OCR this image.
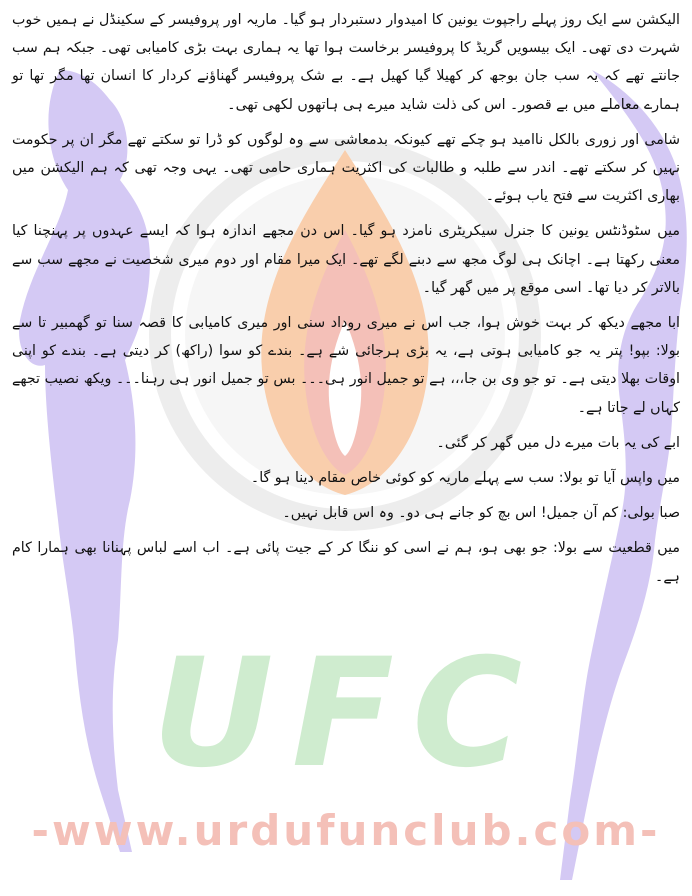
UFC
-www.urdufunclub.com-

الیکشن سے ایک روز پہلے راجپوت یونین کا امیدوار دستبردار ہو گیا۔ ماریہ اور پروفیسر کے سکینڈل نے ہمیں خوب شہرت دی تھی۔ ایک بیسویں گریڈ کا پروفیسر برخاست ہوا تھا یہ ہماری بہت بڑی کامیابی تھی۔ جبکہ ہم سب جانتے تھے کہ یہ سب جان بوجھ کر کھیلا گیا کھیل ہے۔ بے شک پروفیسر گھناؤنے کردار کا انسان تھا مگر تھا تو ہمارے معاملے میں بے قصور۔ اس کی ذلت شاید میرے ہی ہاتھوں لکھی تھی۔

شامی اور زوری بالکل ناامید ہو چکے تھے کیونکہ بدمعاشی سے وہ لوگوں کو ڈرا تو سکتے تھے مگر ان پر حکومت نہیں کر سکتے تھے۔ اندر سے طلبہ و طالبات کی اکثریت ہماری حامی تھی۔ یہی وجہ تھی کہ ہم الیکشن میں بھاری اکثریت سے فتح یاب ہوئے۔

میں سٹوڈنٹس یونین کا جنرل سیکریٹری نامزد ہو گیا۔ اس دن مجھے اندازہ ہوا کہ ایسے عہدوں پر پہنچنا کیا معنی رکھتا ہے۔ اچانک ہی لوگ مجھ سے دبنے لگے تھے۔ ایک میرا مقام اور دوم میری شخصیت نے مجھے سب سے بالاتر کر دیا تھا۔ اسی موقع پر میں گھر گیا۔

ابا مجھے دیکھ کر بہت خوش ہوا، جب اس نے میری روداد سنی اور میری کامیابی کا قصہ سنا تو گھمبیر تا سے بولا: بپو! پتر یہ جو کامیابی ہوتی ہے، یہ بڑی ہرجائی شے ہے۔ بندے کو سوا (راکھ) کر دیتی ہے۔ بندے کو اپنی اوقات بھلا دیتی ہے۔ تو جو وی بن جا،،، ہے تو جمیل انور ہی۔۔۔ بس تو جمیل انور ہی رہنا۔۔۔ ویکھ نصیب تجھے کہاں لے جاتا ہے۔

ابے کی یہ بات میرے دل میں گھر کر گئی۔

میں واپس آیا تو بولا: سب سے پہلے ماریہ کو کوئی خاص مقام دینا ہو گا۔

صبا بولی: کم آن جمیل! اس بچ کو جانے ہی دو۔ وہ اس قابل نہیں۔

میں قطعیت سے بولا: جو بھی ہو، ہم نے اسی کو ننگا کر کے جیت پائی ہے۔ اب اسے لباس پہنانا بھی ہمارا کام ہے۔
